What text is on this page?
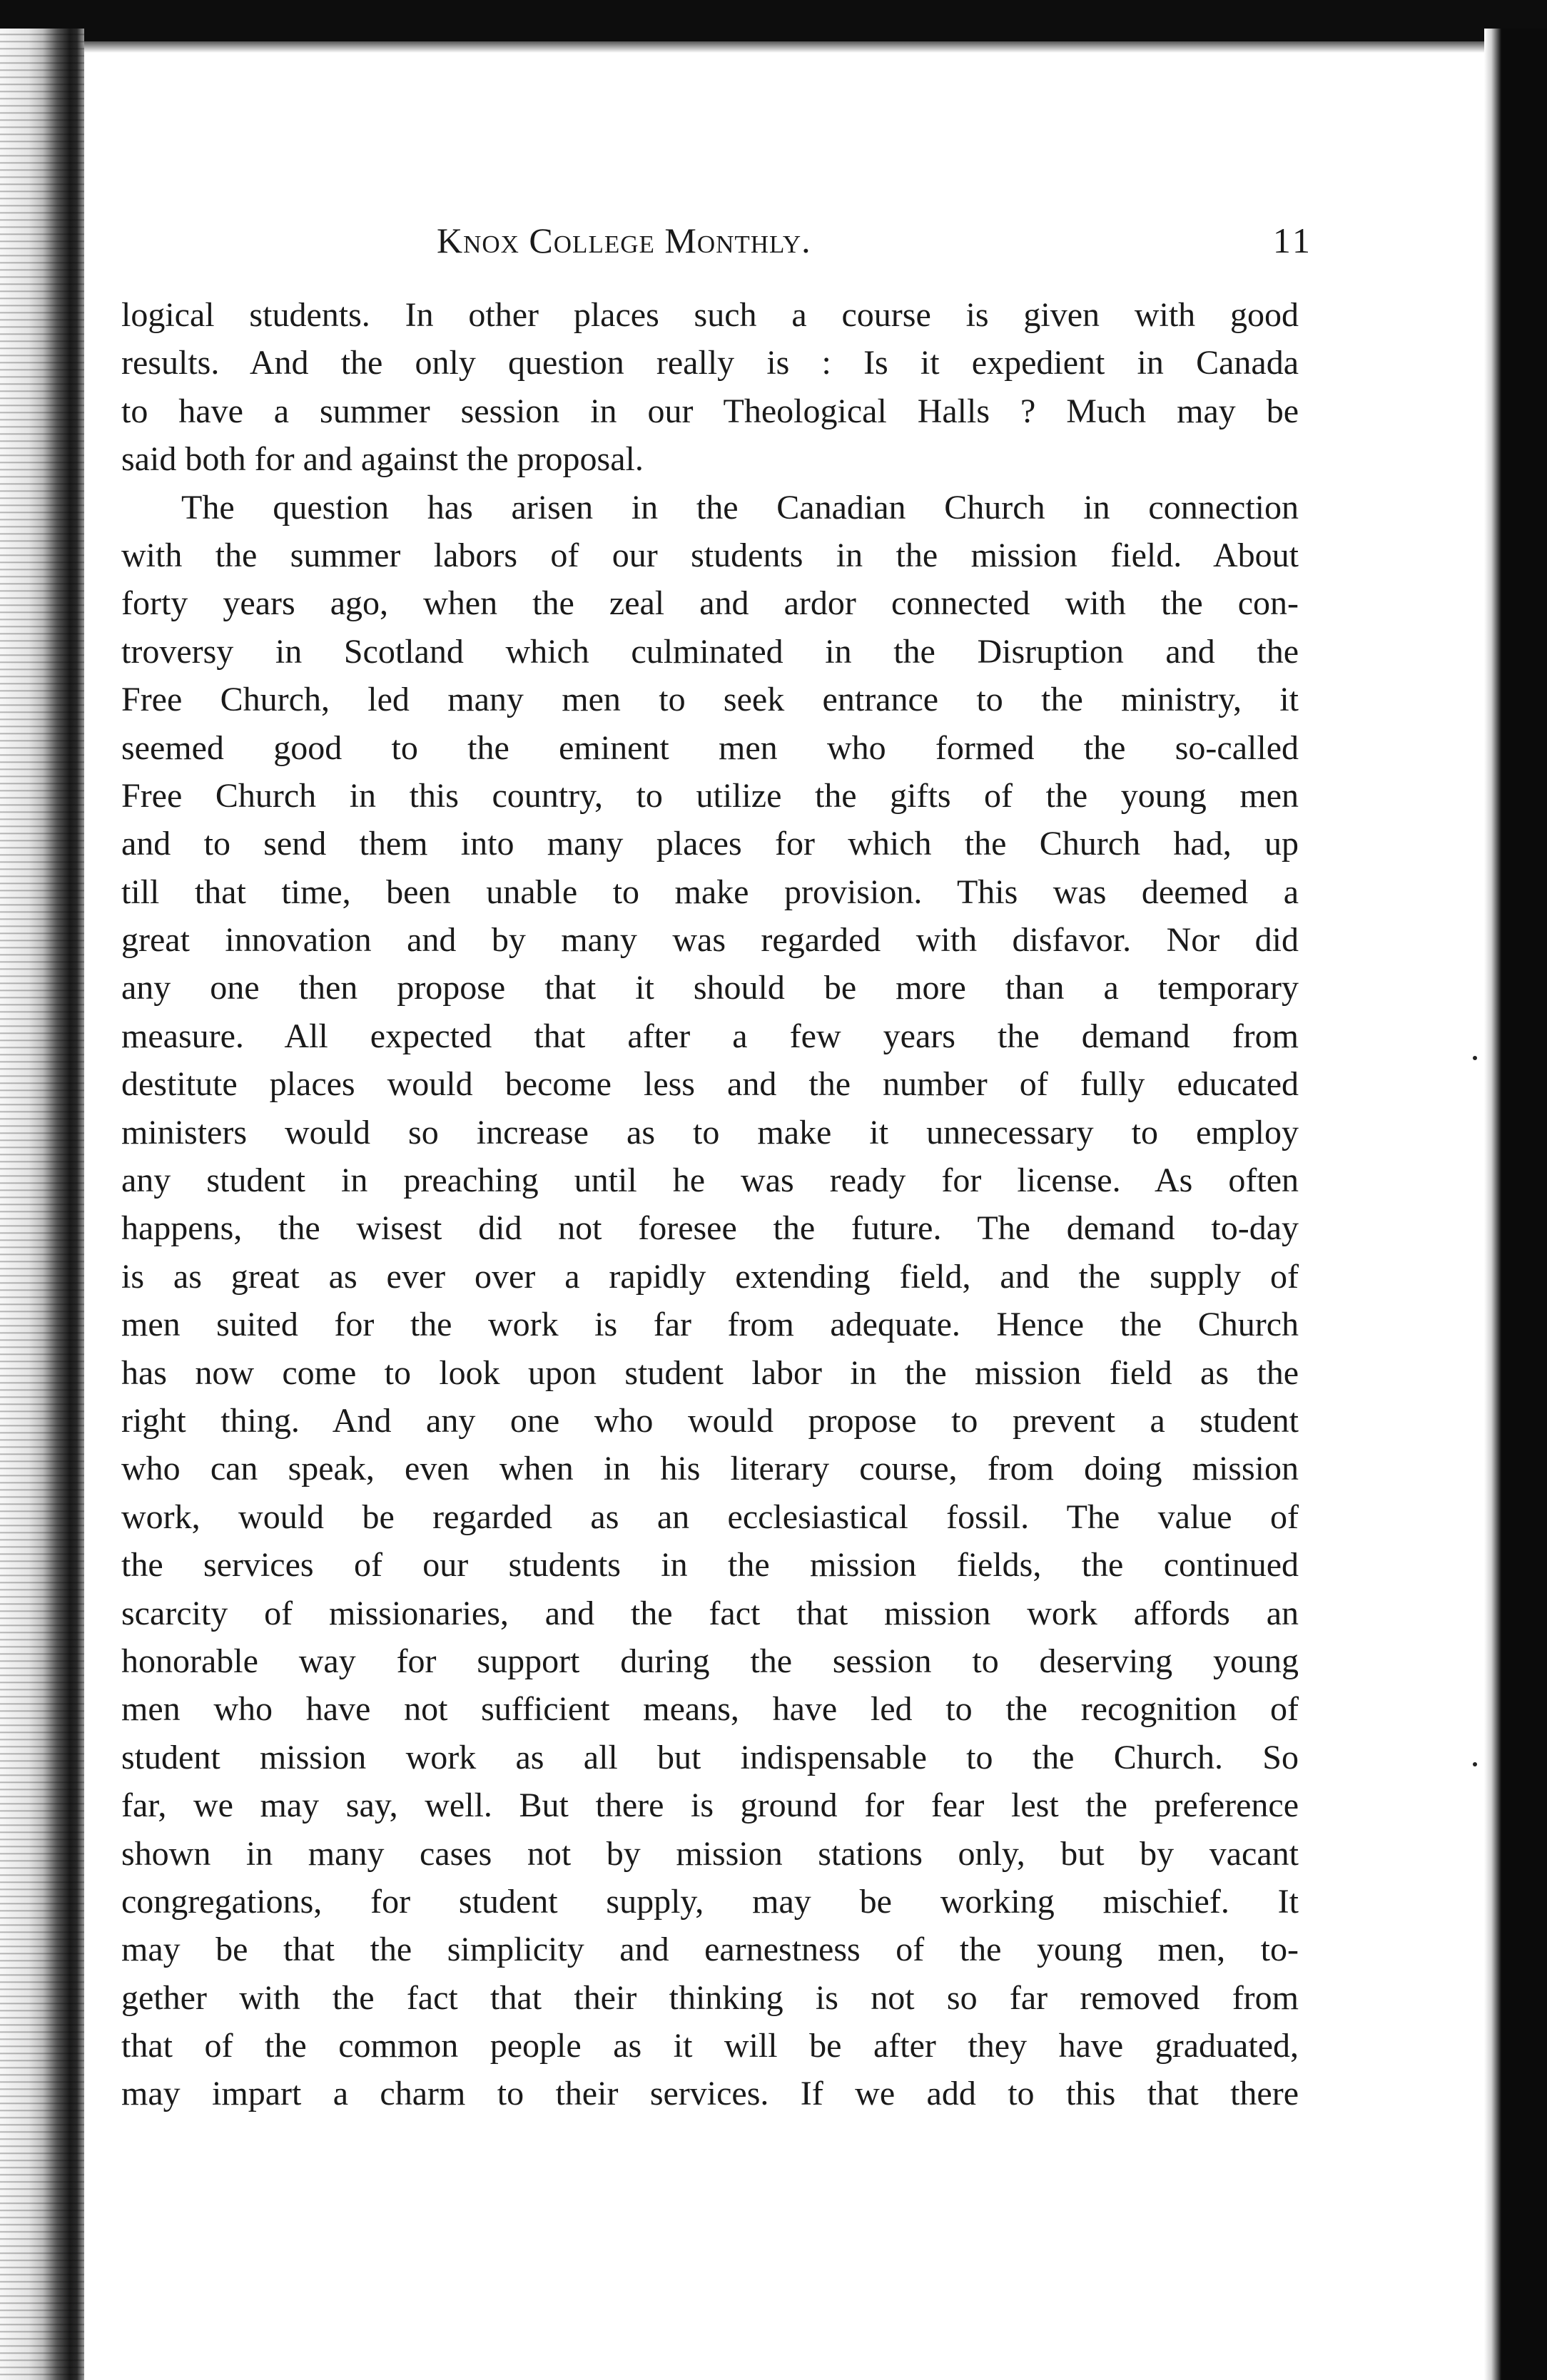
Knox College Monthly.	11
logical students. In other places such a course is given with good
results. And the only question really is : Is it expedient in Canada
to have a summer session in our Theological Halls ? Much may be
said both for and against the proposal.
The question has arisen in the Canadian Church in connection
with the summer labors of our students in the mission field. About
forty years ago, when the zeal and ardor connected with the con-
troversy in Scotland which culminated in the Disruption and the
Free Church, led many men to seek entrance to the ministry, it
seemed good to the eminent men who formed the so-called
Free Church in this country, to utilize the gifts of the young men
and to send them into many places for which the Church had, up
till that time, been unable to make provision. This was deemed a
great innovation and by many was regarded with disfavor. Nor did
any one then propose that it should be more than a temporary
measure. All expected that after a few years the demand from
destitute places would become less and the number of fully educated
ministers would so increase as to make it unnecessary to employ
any student in preaching until he was ready for license. As often
happens, the wisest did not foresee the future. The demand to-day
is as great as ever over a rapidly extending field, and the supply of
men suited for the work is far from adequate. Hence the Church
has now come to look upon student labor in the mission field as the
right thing. And any one who would propose to prevent a student
who can speak, even when in his literary course, from doing mission
work, would be regarded as an ecclesiastical fossil. The value of
the services of our students in the mission fields, the continued
scarcity of missionaries, and the fact that mission work affords an
honorable way for support during the session to deserving young
men who have not sufficient means, have led to the recognition of
student mission work as all but indispensable to the Church. So
far, we may say, well. But there is ground for fear lest the preference
shown in many cases not by mission stations only, but by vacant
congregations, for student supply, may be working mischief. It
may be that the simplicity and earnestness of the young men, to-
gether with the fact that their thinking is not so far removed from
that of the common people as it will be after they have graduated,
may impart a charm to their services. If we add to this that there
